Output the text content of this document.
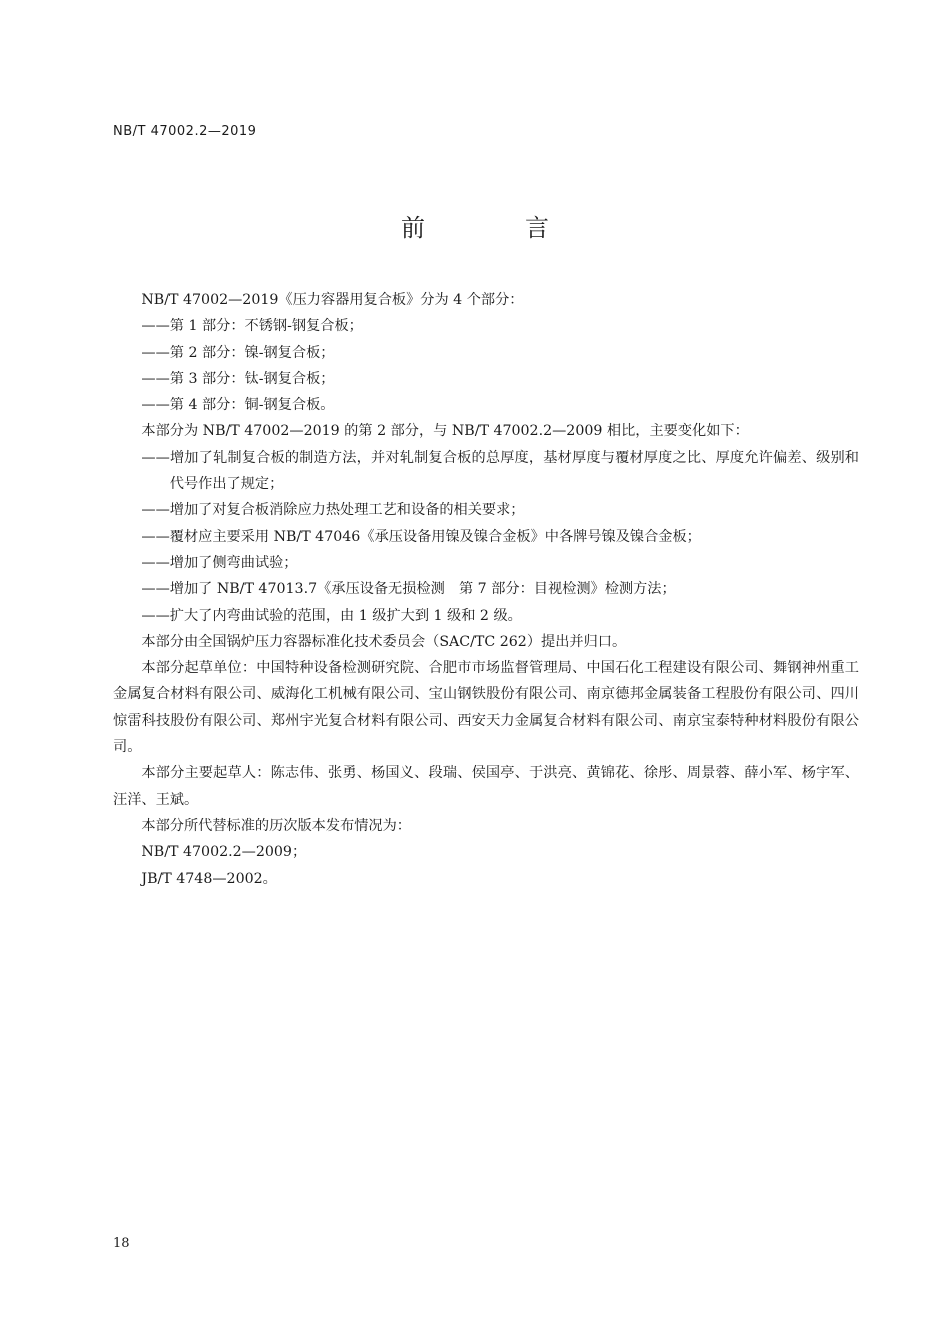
NB/T 47002.2—2019
前　言

NB/T 47002—2019《压力容器用复合板》分为 4 个部分：

——第 1 部分：不锈钢-钢复合板；

——第 2 部分：镍-钢复合板；

——第 3 部分：钛-钢复合板；

——第 4 部分：铜-钢复合板。

本部分为 NB/T 47002—2019 的第 2 部分，与 NB/T 47002.2—2009 相比，主要变化如下：

——增加了轧制复合板的制造方法，并对轧制复合板的总厚度，基材厚度与覆材厚度之比、厚度允许偏差、级别和代号作出了规定；

——增加了对复合板消除应力热处理工艺和设备的相关要求；

——覆材应主要采用 NB/T 47046《承压设备用镍及镍合金板》中各牌号镍及镍合金板；

——增加了侧弯曲试验；

——增加了 NB/T 47013.7《承压设备无损检测　第 7 部分：目视检测》检测方法；

——扩大了内弯曲试验的范围，由 1 级扩大到 1 级和 2 级。

本部分由全国锅炉压力容器标准化技术委员会（SAC/TC 262）提出并归口。

本部分起草单位：中国特种设备检测研究院、合肥市市场监督管理局、中国石化工程建设有限公司、舞钢神州重工金属复合材料有限公司、威海化工机械有限公司、宝山钢铁股份有限公司、南京德邦金属装备工程股份有限公司、四川惊雷科技股份有限公司、郑州宇光复合材料有限公司、西安天力金属复合材料有限公司、南京宝泰特种材料股份有限公司。

本部分主要起草人：陈志伟、张勇、杨国义、段瑞、侯国亭、于洪亮、黄锦花、徐彤、周景蓉、薛小军、杨宇军、汪洋、王斌。

本部分所代替标准的历次版本发布情况为：

NB/T 47002.2—2009；

JB/T 4748—2002。

18
